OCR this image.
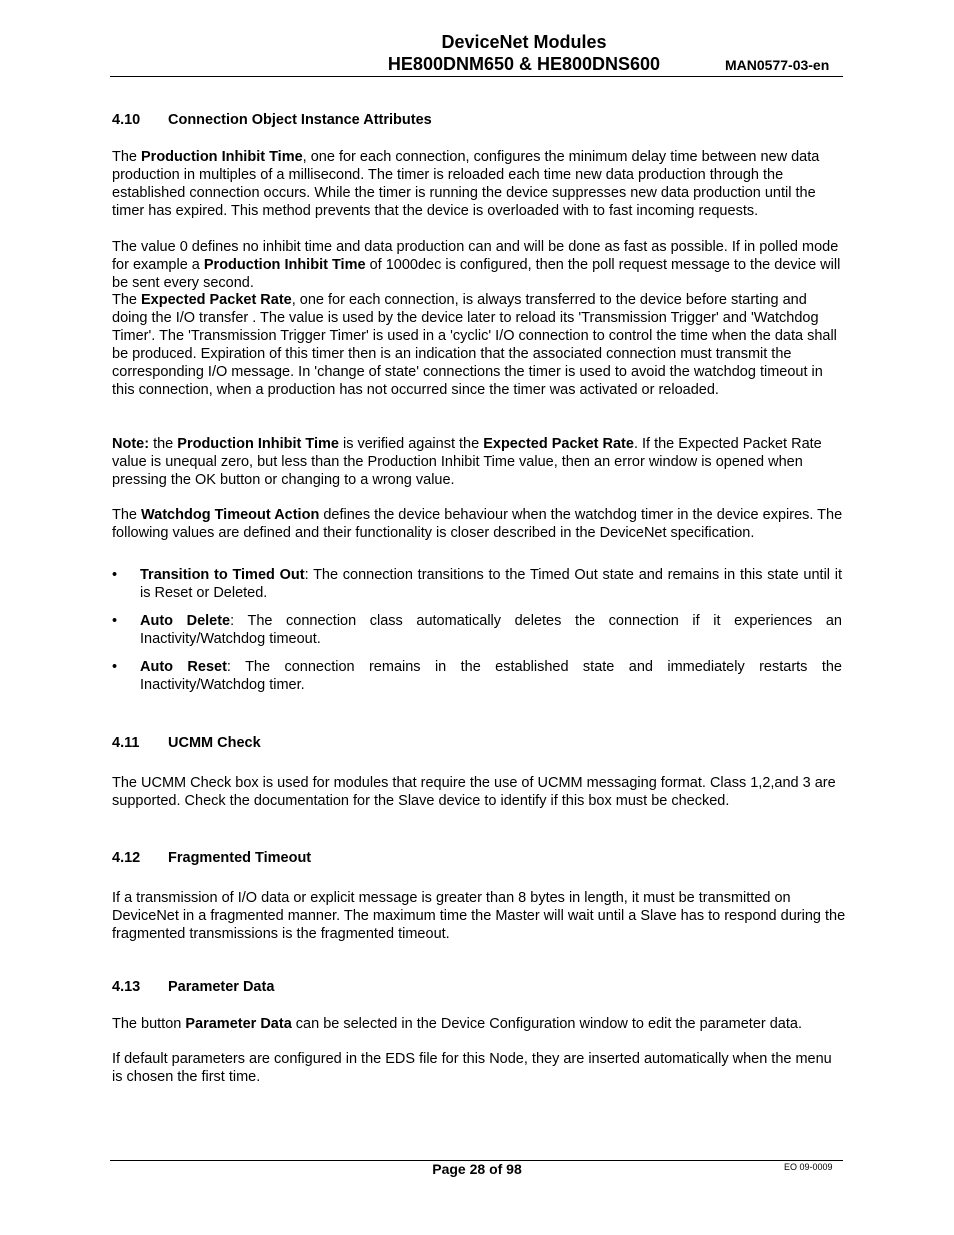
DeviceNet Modules
HE800DNM650 & HE800DNS600	MAN0577-03-en
4.10 Connection Object Instance Attributes
The Production Inhibit Time, one for each connection, configures the minimum delay time between new data production in multiples of a millisecond. The timer is reloaded each time new data production through the established connection occurs. While the timer is running the device suppresses new data production until the timer has expired. This method prevents that the device is overloaded with to fast incoming requests.
The value 0 defines no inhibit time and data production can and will be done as fast as possible. If in polled mode for example a Production Inhibit Time of 1000dec is configured, then the poll request message to the device will be sent every second.
The Expected Packet Rate, one for each connection, is always transferred to the device before starting and doing the I/O transfer . The value is used by the device later to reload its 'Transmission Trigger' and 'Watchdog Timer'. The 'Transmission Trigger Timer' is used in a 'cyclic' I/O connection to control the time when the data shall be produced. Expiration of this timer then is an indication that the associated connection must transmit the corresponding I/O message. In 'change of state' connections the timer is used to avoid the watchdog timeout in this connection, when a production has not occurred since the timer was activated or reloaded.
Note: the Production Inhibit Time is verified against the Expected Packet Rate. If the Expected Packet Rate value is unequal zero, but less than the Production Inhibit Time value, then an error window is opened when pressing the OK button or changing to a wrong value.
The Watchdog Timeout Action defines the device behaviour when the watchdog timer in the device expires. The following values are defined and their functionality is closer described in the DeviceNet specification.
• Transition to Timed Out: The connection transitions to the Timed Out state and remains in this state until it is Reset or Deleted.
• Auto Delete: The connection class automatically deletes the connection if it experiences an Inactivity/Watchdog timeout.
• Auto Reset: The connection remains in the established state and immediately restarts the Inactivity/Watchdog timer.
4.11 UCMM Check
The UCMM Check box is used for modules that require the use of UCMM messaging format. Class 1,2,and 3 are supported. Check the documentation for the Slave device to identify if this box must be checked.
4.12 Fragmented Timeout
If a transmission of I/O data or explicit message is greater than 8 bytes in length, it must be transmitted on DeviceNet in a fragmented manner. The maximum time the Master will wait until a Slave has to respond during the fragmented transmissions is the fragmented timeout.
4.13 Parameter Data
The button Parameter Data can be selected in the Device Configuration window to edit the parameter data.
If default parameters are configured in the EDS file for this Node, they are inserted automatically when the menu is chosen the first time.
Page 28 of 98	EO 09-0009
